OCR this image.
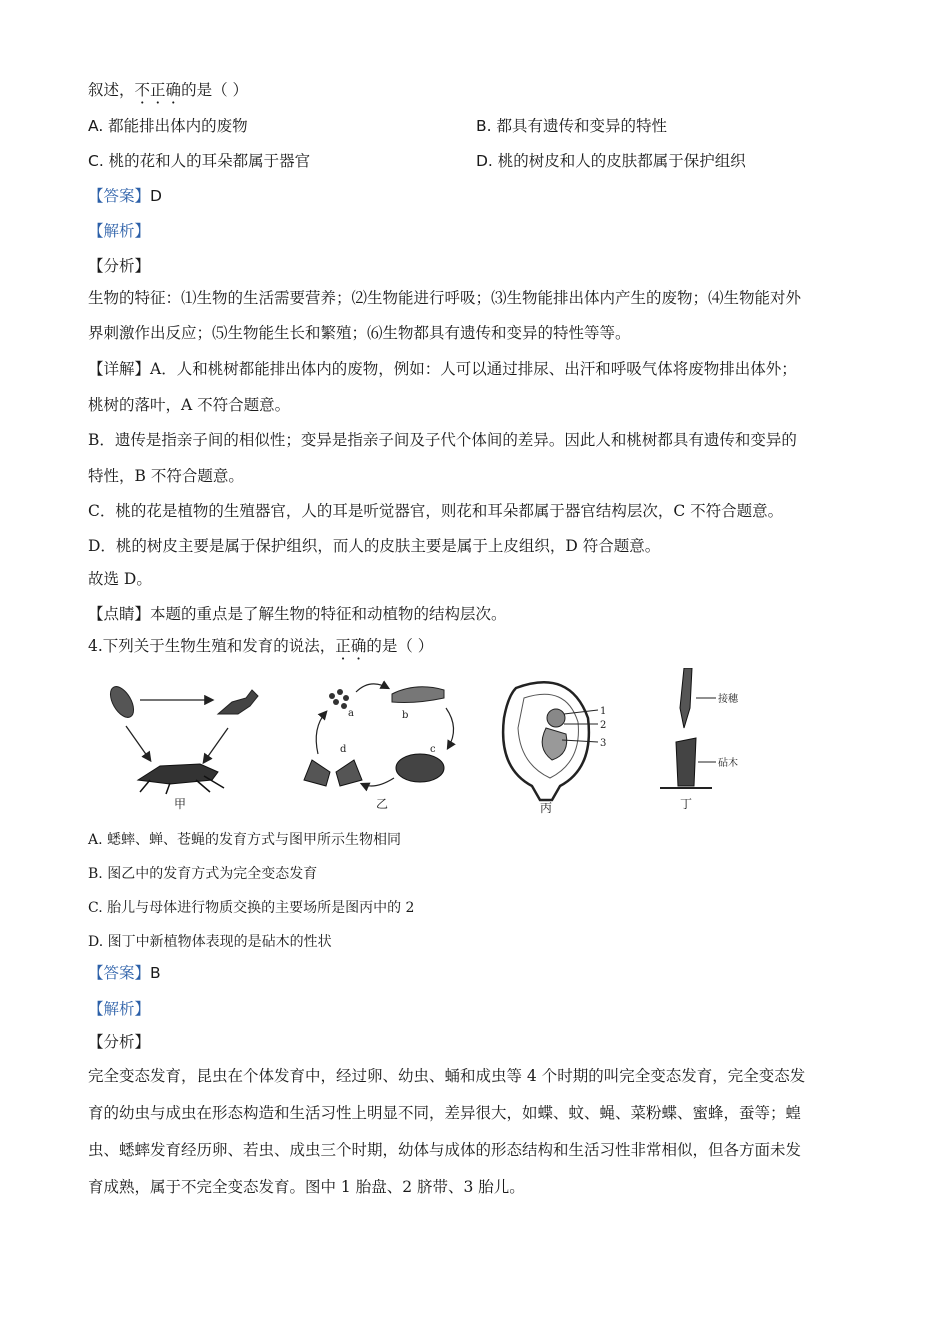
叙述，不正确的是（ ）
A. 都能排出体内的废物	B. 都具有遗传和变异的特性
C. 桃的花和人的耳朵都属于器官	D. 桃的树皮和人的皮肤都属于保护组织
【答案】D
【解析】
【分析】
生物的特征：⑴生物的生活需要营养；⑵生物能进行呼吸；⑶生物能排出体内产生的废物；⑷生物能对外
界刺激作出反应；⑸生物能生长和繁殖；⑹生物都具有遗传和变异的特性等等。
【详解】A．人和桃树都能排出体内的废物，例如：人可以通过排尿、出汗和呼吸气体将废物排出体外；
桃树的落叶，A 不符合题意。
B．遗传是指亲子间的相似性；变异是指亲子间及子代个体间的差异。因此人和桃树都具有遗传和变异的
特性，B 不符合题意。
C．桃的花是植物的生殖器官，人的耳是听觉器官，则花和耳朵都属于器官结构层次，C 不符合题意。
D．桃的树皮主要是属于保护组织，而人的皮肤主要是属于上皮组织，D 符合题意。
故选 D。
【点睛】本题的重点是了解生物的特征和动植物的结构层次。
4.下列关于生物生殖和发育的说法，正确的是（ ）
甲
a	b
c
d
乙
1
2
3
丙
接穗
砧木
丁
A. 蟋蟀、蝉、苍蝇的发育方式与图甲所示生物相同
B. 图乙中的发育方式为完全变态发育
C. 胎儿与母体进行物质交换的主要场所是图丙中的 2
D. 图丁中新植物体表现的是砧木的性状
【答案】B
【解析】
【分析】
完全变态发育，昆虫在个体发育中，经过卵、幼虫、蛹和成虫等 4 个时期的叫完全变态发育，完全变态发
育的幼虫与成虫在形态构造和生活习性上明显不同，差异很大，如蝶、蚊、蝇、菜粉蝶、蜜蜂，蚕等；蝗
虫、蟋蟀发育经历卵、若虫、成虫三个时期，幼体与成体的形态结构和生活习性非常相似，但各方面未发
育成熟，属于不完全变态发育。图中 1 胎盘、2 脐带、3 胎儿。
